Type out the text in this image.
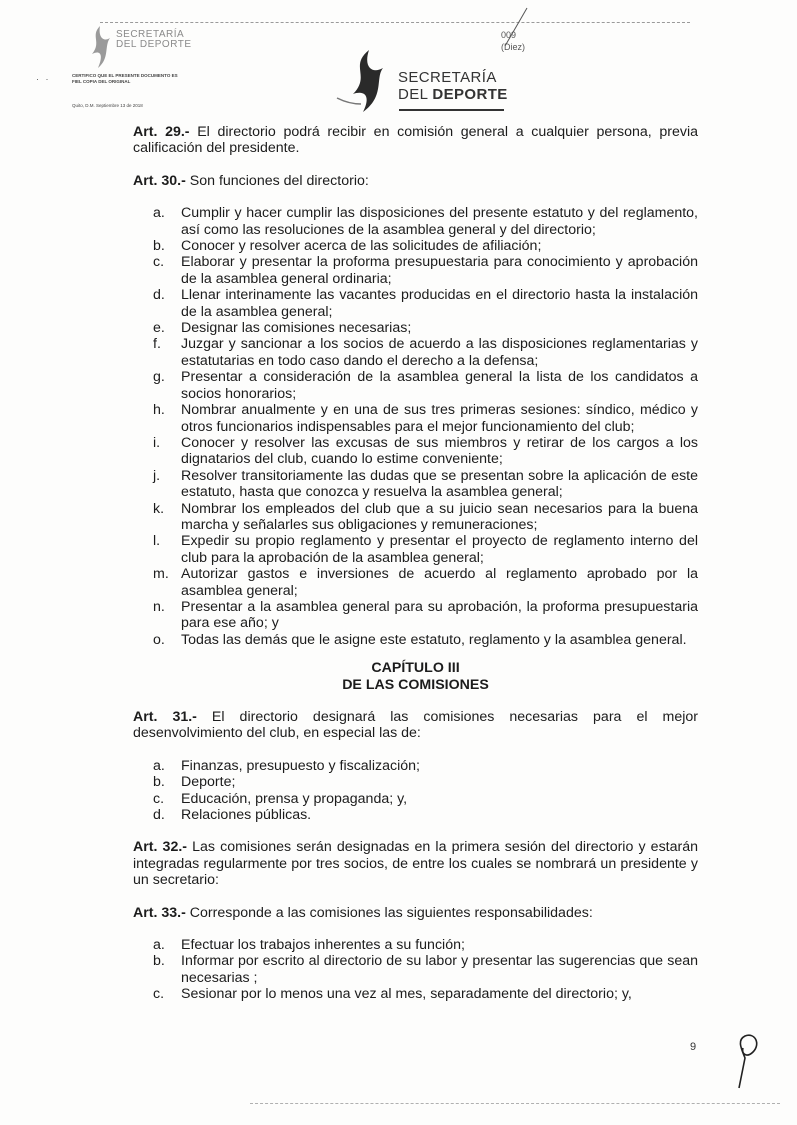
SECRETARÍA
DEL DEPORTE
· ·	CERTIFICO QUE EL PRESENTE DOCUMENTO ES FIEL COPIA DEL ORIGINAL
Quito, D.M. Septiembre 13 de 2018
009
(Diez)
SECRETARÍA
DEL DEPORTE

Art. 29.- El directorio podrá recibir en comisión general a cualquier persona, previa calificación del presidente.

Art. 30.- Son funciones del directorio:

a. Cumplir y hacer cumplir las disposiciones del presente estatuto y del reglamento, así como las resoluciones de la asamblea general y del directorio;
b. Conocer y resolver acerca de las solicitudes de afiliación;
c. Elaborar y presentar la proforma presupuestaria para conocimiento y aprobación de la asamblea general ordinaria;
d. Llenar interinamente las vacantes producidas en el directorio hasta la instalación de la asamblea general;
e. Designar las comisiones necesarias;
f. Juzgar y sancionar a los socios de acuerdo a las disposiciones reglamentarias y estatutarias en todo caso dando el derecho a la defensa;
g. Presentar a consideración de la asamblea general la lista de los candidatos a socios honorarios;
h. Nombrar anualmente y en una de sus tres primeras sesiones: síndico, médico y otros funcionarios indispensables para el mejor funcionamiento del club;
i. Conocer y resolver las excusas de sus miembros y retirar de los cargos a los dignatarios del club, cuando lo estime conveniente;
j. Resolver transitoriamente las dudas que se presentan sobre la aplicación de este estatuto, hasta que conozca y resuelva la asamblea general;
k. Nombrar los empleados del club que a su juicio sean necesarios para la buena marcha y señalarles sus obligaciones y remuneraciones;
l. Expedir su propio reglamento y presentar el proyecto de reglamento interno del club para la aprobación de la asamblea general;
m. Autorizar gastos e inversiones de acuerdo al reglamento aprobado por la asamblea general;
n. Presentar a la asamblea general para su aprobación, la proforma presupuestaria para ese año; y
o. Todas las demás que le asigne este estatuto, reglamento y la asamblea general.
CAPÍTULO III
DE LAS COMISIONES

Art. 31.- El directorio designará las comisiones necesarias para el mejor desenvolvimiento del club, en especial las de:

a. Finanzas, presupuesto y fiscalización;
b. Deporte;
c. Educación, prensa y propaganda; y,
d. Relaciones públicas.

Art. 32.- Las comisiones serán designadas en la primera sesión del directorio y estarán integradas regularmente por tres socios, de entre los cuales se nombrará un presidente y un secretario:

Art. 33.- Corresponde a las comisiones las siguientes responsabilidades:

a. Efectuar los trabajos inherentes a su función;
b. Informar por escrito al directorio de su labor y presentar las sugerencias que sean necesarias ;
c. Sesionar por lo menos una vez al mes, separadamente del directorio; y,
9
